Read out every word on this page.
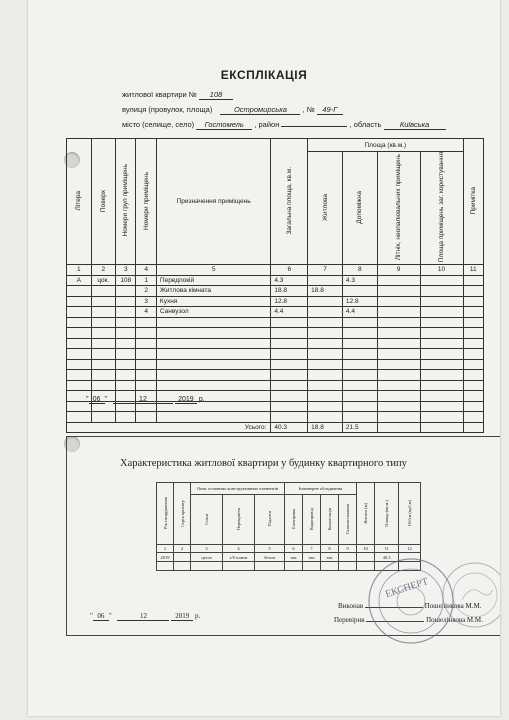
ЕКСПЛІКАЦІЯ
житлової квартири № 108
вулиця (провулок, площа)	Остромирська , № 49-Г
місто (селище, село) Гостомель , район	, область Київська
Літера	Поверх	Номери груп приміщень	Номери приміщень	Призначення приміщень	Загальна площа, кв.м.	Площа (кв.м.)				Примітка
						Житлова	Допоміжна	Літніх, неопалювальних приміщень	Площа приміщень заг. користування	
1	2	3	4	5	6	7	8	9	10	11
А	цок.	108	1	Передпокій	4.3		4.3			
			2	Житлова кімната	18.8	18.8				
			3	Кухня	12.8		12.8			
			4	Санвузол	4.4		4.4			

Усього:					40.3	18.8	21.5			
" 06 "	12	2019 р.
Характеристика житлової квартири у будинку квартирного типу
Рік спорудження	Серія проекту	Опис основних конструктивних елементів			Інженерне обладнання				Висота (м)	Площа (кв.м.)	Об'єм (куб.м)
		Стіни	Перекриття	Підлоги	Електрика	Водопровід	Каналізація	Газопостачання			
1	2	3	4	5	6	7	8	9	10	11	12
2019		цегла	з/б плити	бетон	так	так	так			40.3	

" 06 "	12	2019 р.
Виконав	Пошелінкова М.М.
Перевірив	Пошелінкова М.М.
ЕКСПЕРТ
